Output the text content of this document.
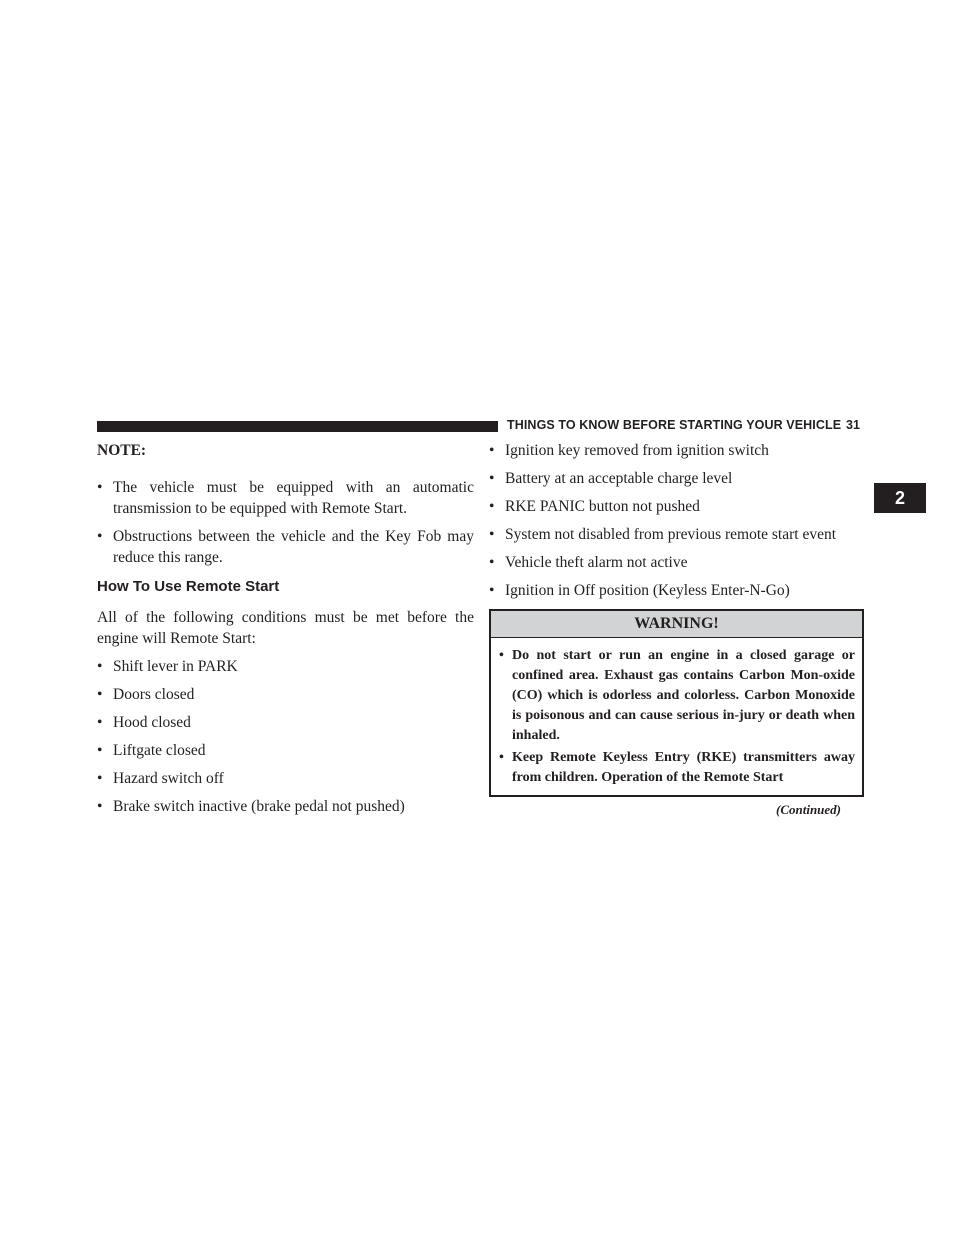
THINGS TO KNOW BEFORE STARTING YOUR VEHICLE 31
2
NOTE:
• The vehicle must be equipped with an automatic transmission to be equipped with Remote Start.
• Obstructions between the vehicle and the Key Fob may reduce this range.
How To Use Remote Start

All of the following conditions must be met before the engine will Remote Start:

• Shift lever in PARK
• Doors closed
• Hood closed
• Liftgate closed
• Hazard switch off
• Brake switch inactive (brake pedal not pushed)
• Ignition key removed from ignition switch
• Battery at an acceptable charge level
• RKE PANIC button not pushed
• System not disabled from previous remote start event
• Vehicle theft alarm not active
• Ignition in Off position (Keyless Enter-N-Go)
WARNING!
• Do not start or run an engine in a closed garage or confined area. Exhaust gas contains Carbon Mon-oxide (CO) which is odorless and colorless. Carbon Monoxide is poisonous and can cause serious in-jury or death when inhaled.
• Keep Remote Keyless Entry (RKE) transmitters away from children. Operation of the Remote Start
(Continued)
